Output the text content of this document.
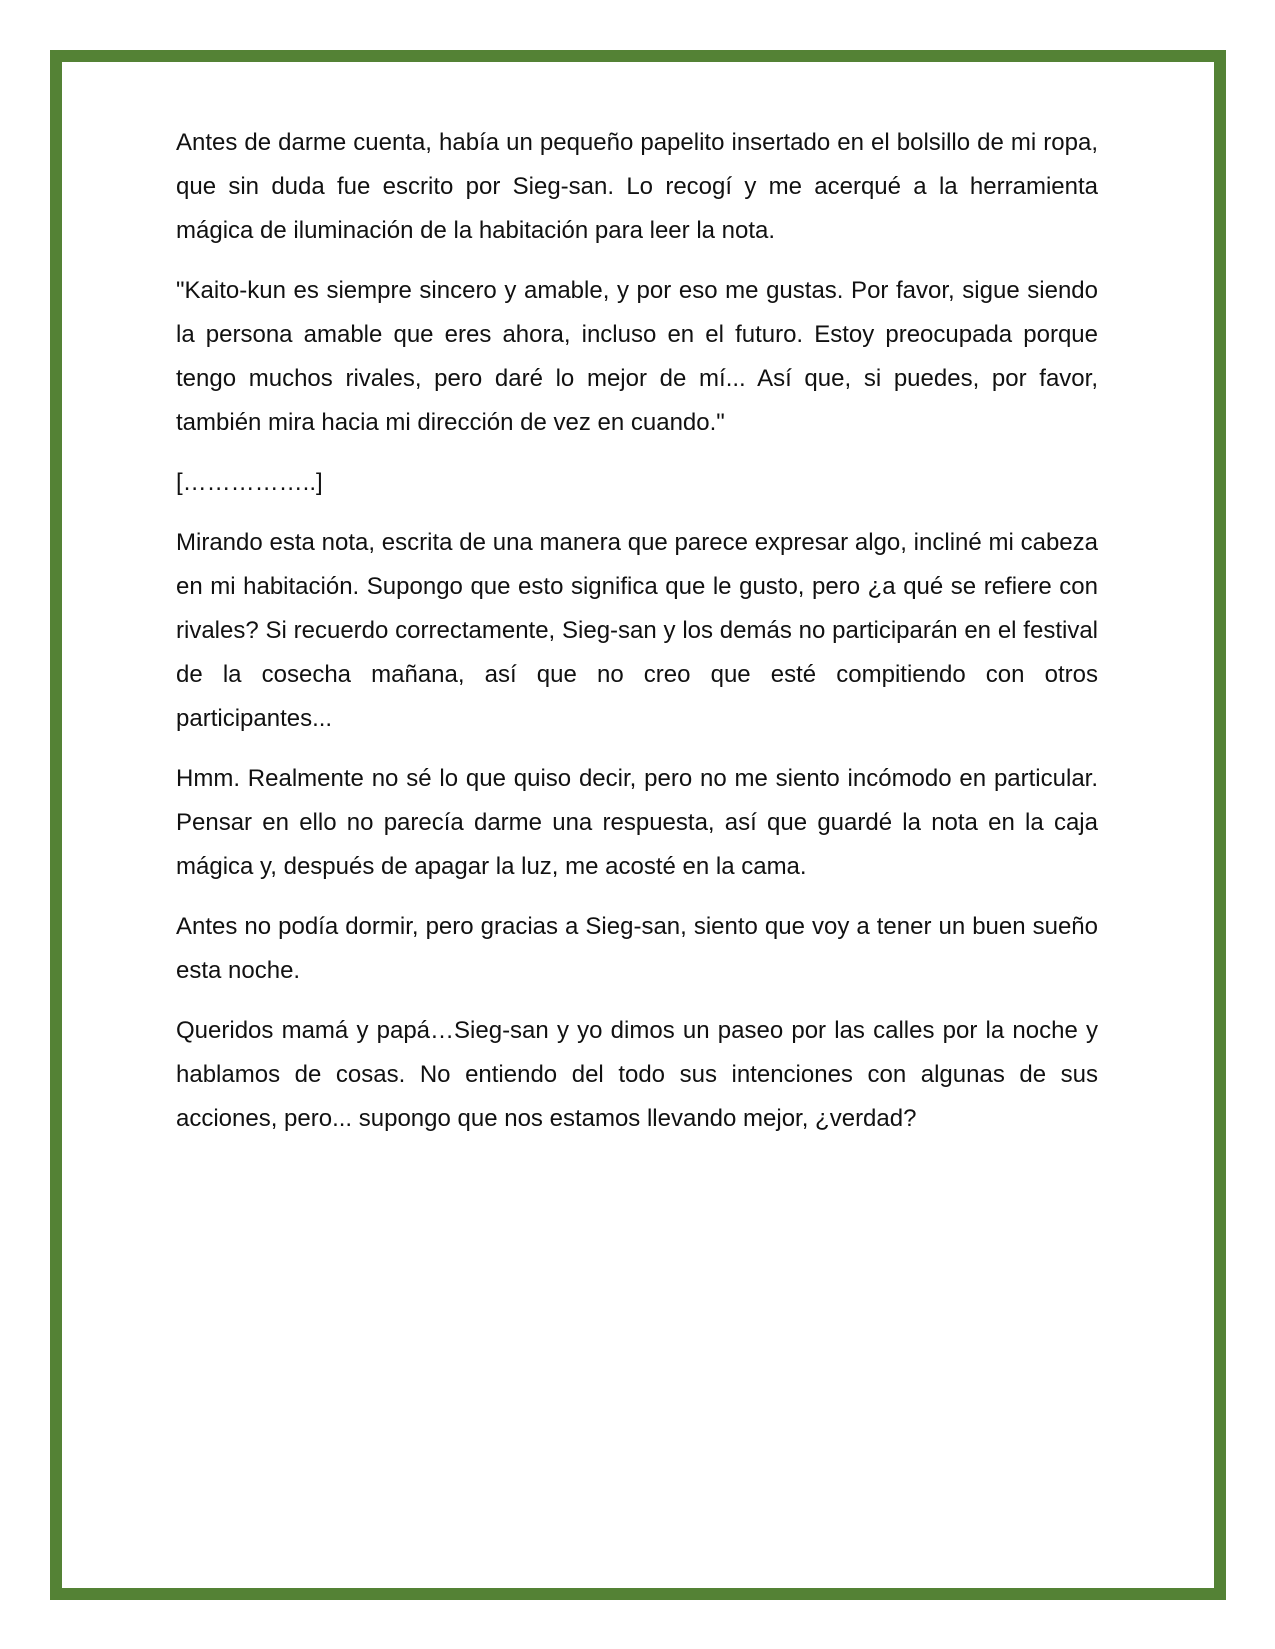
Antes de darme cuenta, había un pequeño papelito insertado en el bolsillo de mi ropa, que sin duda fue escrito por Sieg-san. Lo recogí y me acerqué a la herramienta mágica de iluminación de la habitación para leer la nota.

"Kaito-kun es siempre sincero y amable, y por eso me gustas. Por favor, sigue siendo la persona amable que eres ahora, incluso en el futuro. Estoy preocupada porque tengo muchos rivales, pero daré lo mejor de mí... Así que, si puedes, por favor, también mira hacia mi dirección de vez en cuando."

[……………..]

Mirando esta nota, escrita de una manera que parece expresar algo, incliné mi cabeza en mi habitación. Supongo que esto significa que le gusto, pero ¿a qué se refiere con rivales? Si recuerdo correctamente, Sieg-san y los demás no participarán en el festival de la cosecha mañana, así que no creo que esté compitiendo con otros participantes...

Hmm. Realmente no sé lo que quiso decir, pero no me siento incómodo en particular. Pensar en ello no parecía darme una respuesta, así que guardé la nota en la caja mágica y, después de apagar la luz, me acosté en la cama.

Antes no podía dormir, pero gracias a Sieg-san, siento que voy a tener un buen sueño esta noche.

Queridos mamá y papá…Sieg-san y yo dimos un paseo por las calles por la noche y hablamos de cosas. No entiendo del todo sus intenciones con algunas de sus acciones, pero... supongo que nos estamos llevando mejor, ¿verdad?
